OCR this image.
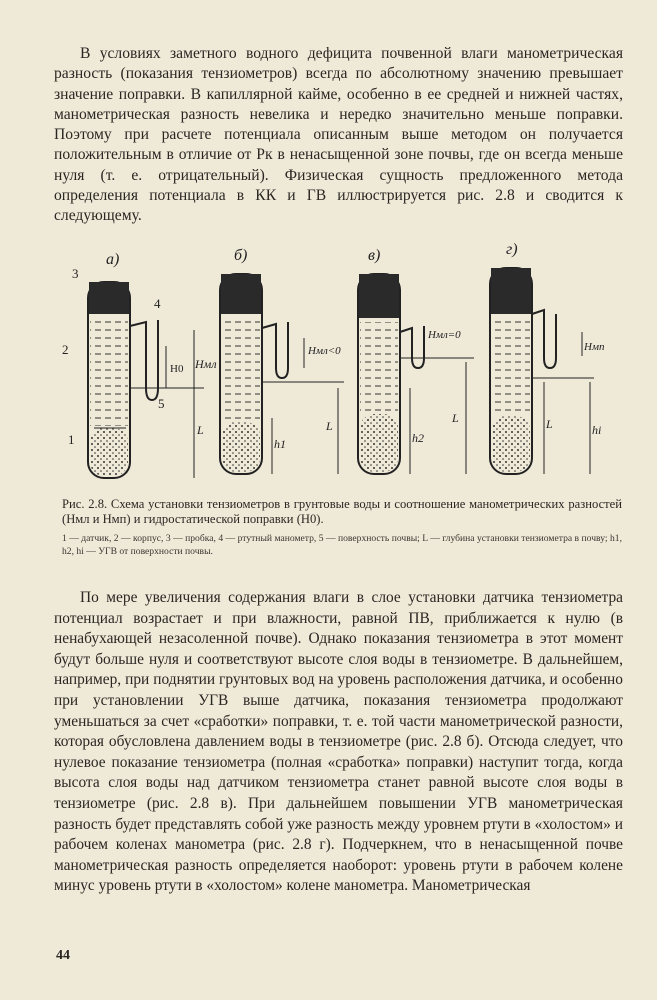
В условиях заметного водного дефицита почвенной влаги манометрическая разность (показания тензиометров) всегда по абсолютному значению превышает значение поправки. В капиллярной кайме, особенно в ее средней и нижней частях, манометрическая разность невелика и нередко значительно меньше поправки. Поэтому при расчете потенциала описанным выше методом он получается положительным в отличие от Рк в ненасыщенной зоне почвы, где он всегда меньше нуля (т. е. отрицательный). Физическая сущность предложенного метода определения потенциала в КК и ГВ иллюстрируется рис. 2.8 и сводится к следующему.

а)
3
2
1
4
5
Н0 Нмл
L
б)
Нмл<0
h1
L
в)
Нмл=0
h2
L
г)
Нмп
L	hi

Рис. 2.8. Схема установки тензиометров в грунтовые воды и соотношение манометрических разностей (Нмл и Нмп) и гидростатической поправки (Н0).

1 — датчик, 2 — корпус, 3 — пробка, 4 — ртутный манометр, 5 — поверхность почвы; L — глубина установки тензиометра в почву; h1, h2, hi — УГВ от поверхности почвы.

По мере увеличения содержания влаги в слое установки датчика тензиометра потенциал возрастает и при влажности, равной ПВ, приближается к нулю (в ненабухающей незасоленной почве). Однако показания тензиометра в этот момент будут больше нуля и соответствуют высоте слоя воды в тензиометре. В дальнейшем, например, при поднятии грунтовых вод на уровень расположения датчика, и особенно при установлении УГВ выше датчика, показания тензиометра продолжают уменьшаться за счет «сработки» поправки, т. е. той части манометрической разности, которая обусловлена давлением воды в тензиометре (рис. 2.8 б). Отсюда следует, что нулевое показание тензиометра (полная «сработка» поправки) наступит тогда, когда высота слоя воды над датчиком тензиометра станет равной высоте слоя воды в тензиометре (рис. 2.8 в). При дальнейшем повышении УГВ манометрическая разность будет представлять собой уже разность между уровнем ртути в «холостом» и рабочем коленах манометра (рис. 2.8 г). Подчеркнем, что в ненасыщенной почве манометрическая разность определяется наоборот: уровень ртути в рабочем колене минус уровень ртути в «холостом» колене манометра. Манометрическая

44
